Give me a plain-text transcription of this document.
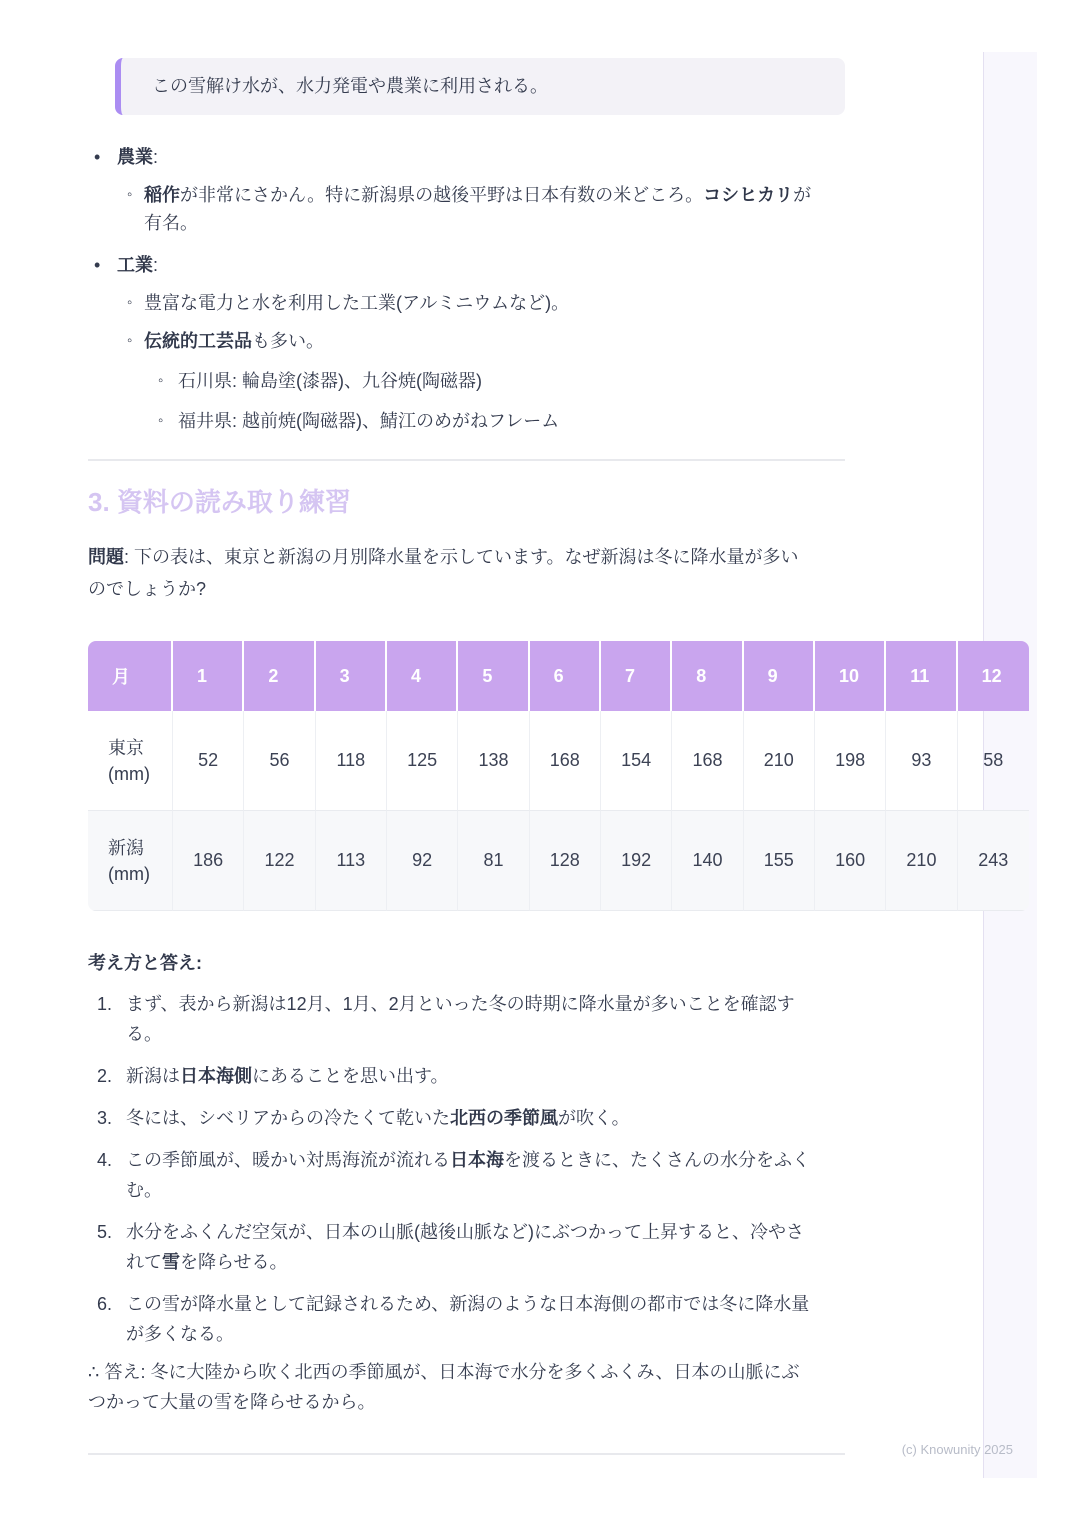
この雪解け水が、水力発電や農業に利用される。
• 農業:
◦ 稲作が非常にさかん。特に新潟県の越後平野は日本有数の米どころ。コシヒカリが有名。
• 工業:
◦ 豊富な電力と水を利用した工業(アルミニウムなど)。
◦ 伝統的工芸品も多い。
◦ 石川県: 輪島塗(漆器)、九谷焼(陶磁器)
◦ 福井県: 越前焼(陶磁器)、鯖江のめがねフレーム
3. 資料の読み取り練習

問題: 下の表は、東京と新潟の月別降水量を示しています。なぜ新潟は冬に降水量が多いのでしょうか?

月	1	2	3	4	5	6	7	8	9	10	11	12

東京
(mm)	52	56	118	125	138	168	154	168	210	198	93	58

新潟
(mm)	186	122	113	92	81	128	192	140	155	160	210	243
考え方と答え:
1. まず、表から新潟は12月、1月、2月といった冬の時期に降水量が多いことを確認する。
2. 新潟は日本海側にあることを思い出す。
3. 冬には、シベリアからの冷たくて乾いた北西の季節風が吹く。
4. この季節風が、暖かい対馬海流が流れる日本海を渡るときに、たくさんの水分をふくむ。
5. 水分をふくんだ空気が、日本の山脈(越後山脈など)にぶつかって上昇すると、冷やされて雪を降らせる。
6. この雪が降水量として記録されるため、新潟のような日本海側の都市では冬に降水量が多くなる。

∴ 答え: 冬に大陸から吹く北西の季節風が、日本海で水分を多くふくみ、日本の山脈にぶつかって大量の雪を降らせるから。

(c) Knowunity 2025
